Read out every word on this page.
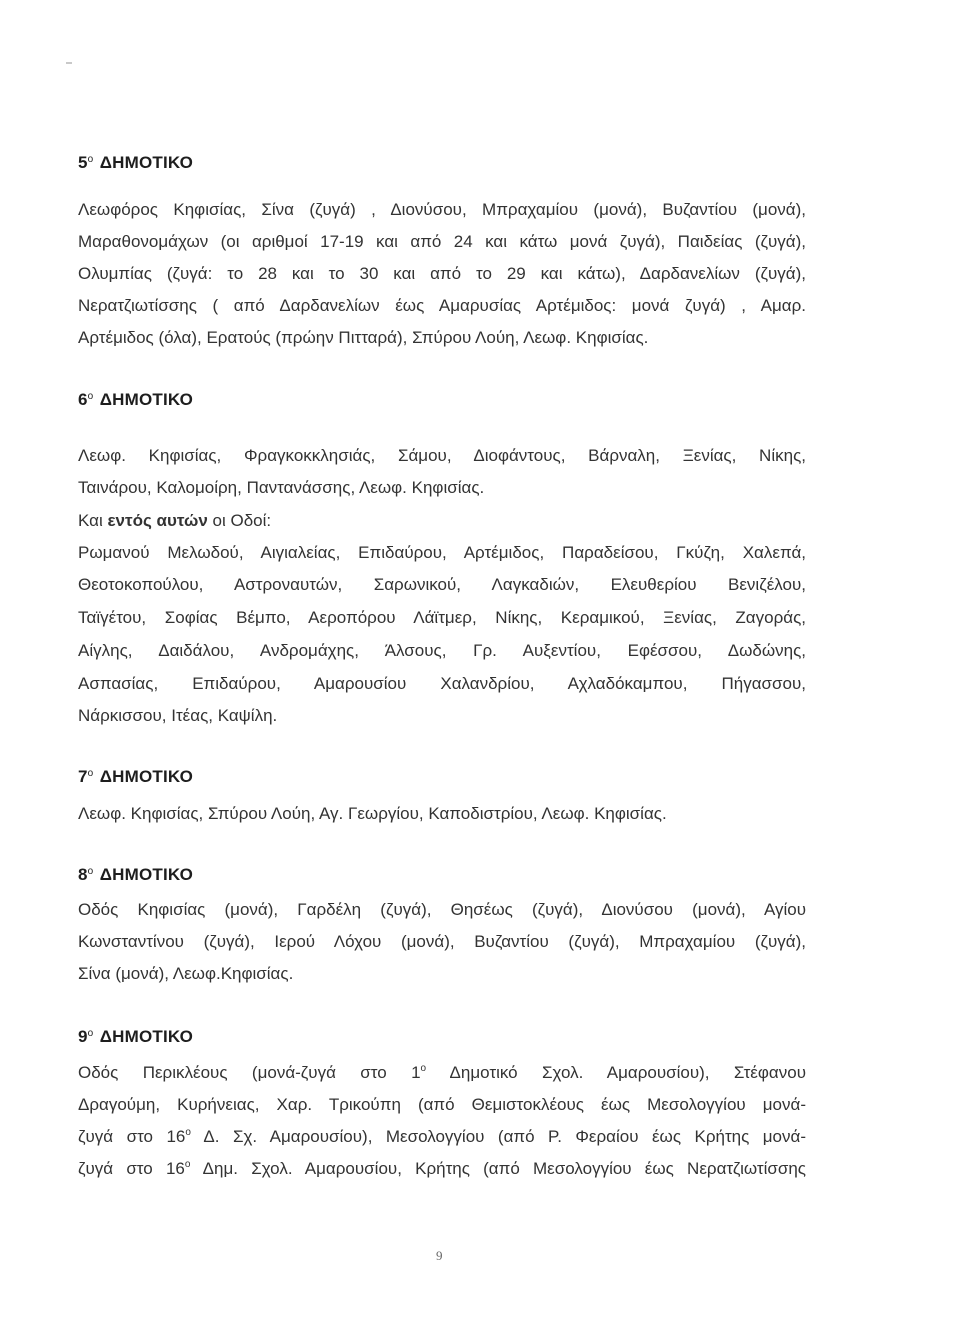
$5^o$ ΔΗΜΟΤΙΚΟ
Λεωφόρος Κηφισίας, Σίνα (ζυγά) , Διονύσου, Μπραχαμίου (μονά), Βυζαντίου (μονά),
Μαραθονομάχων (οι αριθμοί 17-19 και από 24 και κάτω μονά ζυγά), Παιδείας (ζυγά),
Ολυμπίας (ζυγά: το 28 και το 30 και από το 29 και κάτω), Δαρδανελίων (ζυγά),
Νερατζιωτίσσης ( από Δαρδανελίων έως Αμαρυσίας Αρτέμιδος: μονά ζυγά) , Αμαρ.
Αρτέμιδος (όλα), Ερατούς (πρώην Πιτταρά), Σπύρου Λούη, Λεωφ. Κηφισίας.
$6^o$ ΔΗΜΟΤΙΚΟ
Λεωφ. Κηφισίας, Φραγκοκκλησιάς, Σάμου, Διοφάντους, Βάρναλη, Ξενίας, Νίκης,
Ταινάρου, Καλομοίρη, Παντανάσσης, Λεωφ. Κηφισίας.
Και εντός αυτών οι Οδοί:
Ρωμανού Μελωδού, Αιγιαλείας, Επιδαύρου, Αρτέμιδος, Παραδείσου, Γκύζη, Χαλεπά,
Θεοτοκοπούλου, Αστροναυτών, Σαρωνικού, Λαγκαδιών, Ελευθερίου Βενιζέλου,
Ταϊγέτου, Σοφίας Βέμπο, Αεροπόρου Λάϊτμερ, Νίκης, Κεραμικού, Ξενίας, Ζαγοράς,
Αίγλης, Δαιδάλου, Ανδρομάχης, Άλσους, Γρ. Αυξεντίου, Εφέσσου, Δωδώνης,
Ασπασίας, Επιδαύρου, Αμαρουσίου Χαλανδρίου, Αχλαδόκαμπου, Πήγασσου,
Νάρκισσου, Ιτέας, Καψίλη.
$7^o$ ΔΗΜΟΤΙΚΟ
Λεωφ. Κηφισίας, Σπύρου Λούη, Αγ. Γεωργίου, Καποδιστρίου, Λεωφ. Κηφισίας.
$8^o$ ΔΗΜΟΤΙΚΟ
Οδός Κηφισίας (μονά), Γαρδέλη (ζυγά), Θησέως (ζυγά), Διονύσου (μονά), Αγίου
Κωνσταντίνου (ζυγά), Ιερού Λόχου (μονά), Βυζαντίου (ζυγά), Μπραχαμίου (ζυγά),
Σίνα (μονά), Λεωφ.Κηφισίας.
$9^o$ ΔΗΜΟΤΙΚΟ
Οδός Περικλέους (μονά-ζυγά στο $1^o$ Δημοτικό Σχολ. Αμαρουσίου), Στέφανου
Δραγούμη, Κυρήνειας, Χαρ. Τρικούπη (από Θεμιστοκλέους έως Μεσολογγίου μονά-
ζυγά στο $16^o$ Δ. Σχ. Αμαρουσίου), Μεσολογγίου (από Ρ. Φεραίου έως Κρήτης μονά-
ζυγά στο $16^o$ Δημ. Σχολ. Αμαρουσίου, Κρήτης (από Μεσολογγίου έως Νερατζιωτίσσης
9
